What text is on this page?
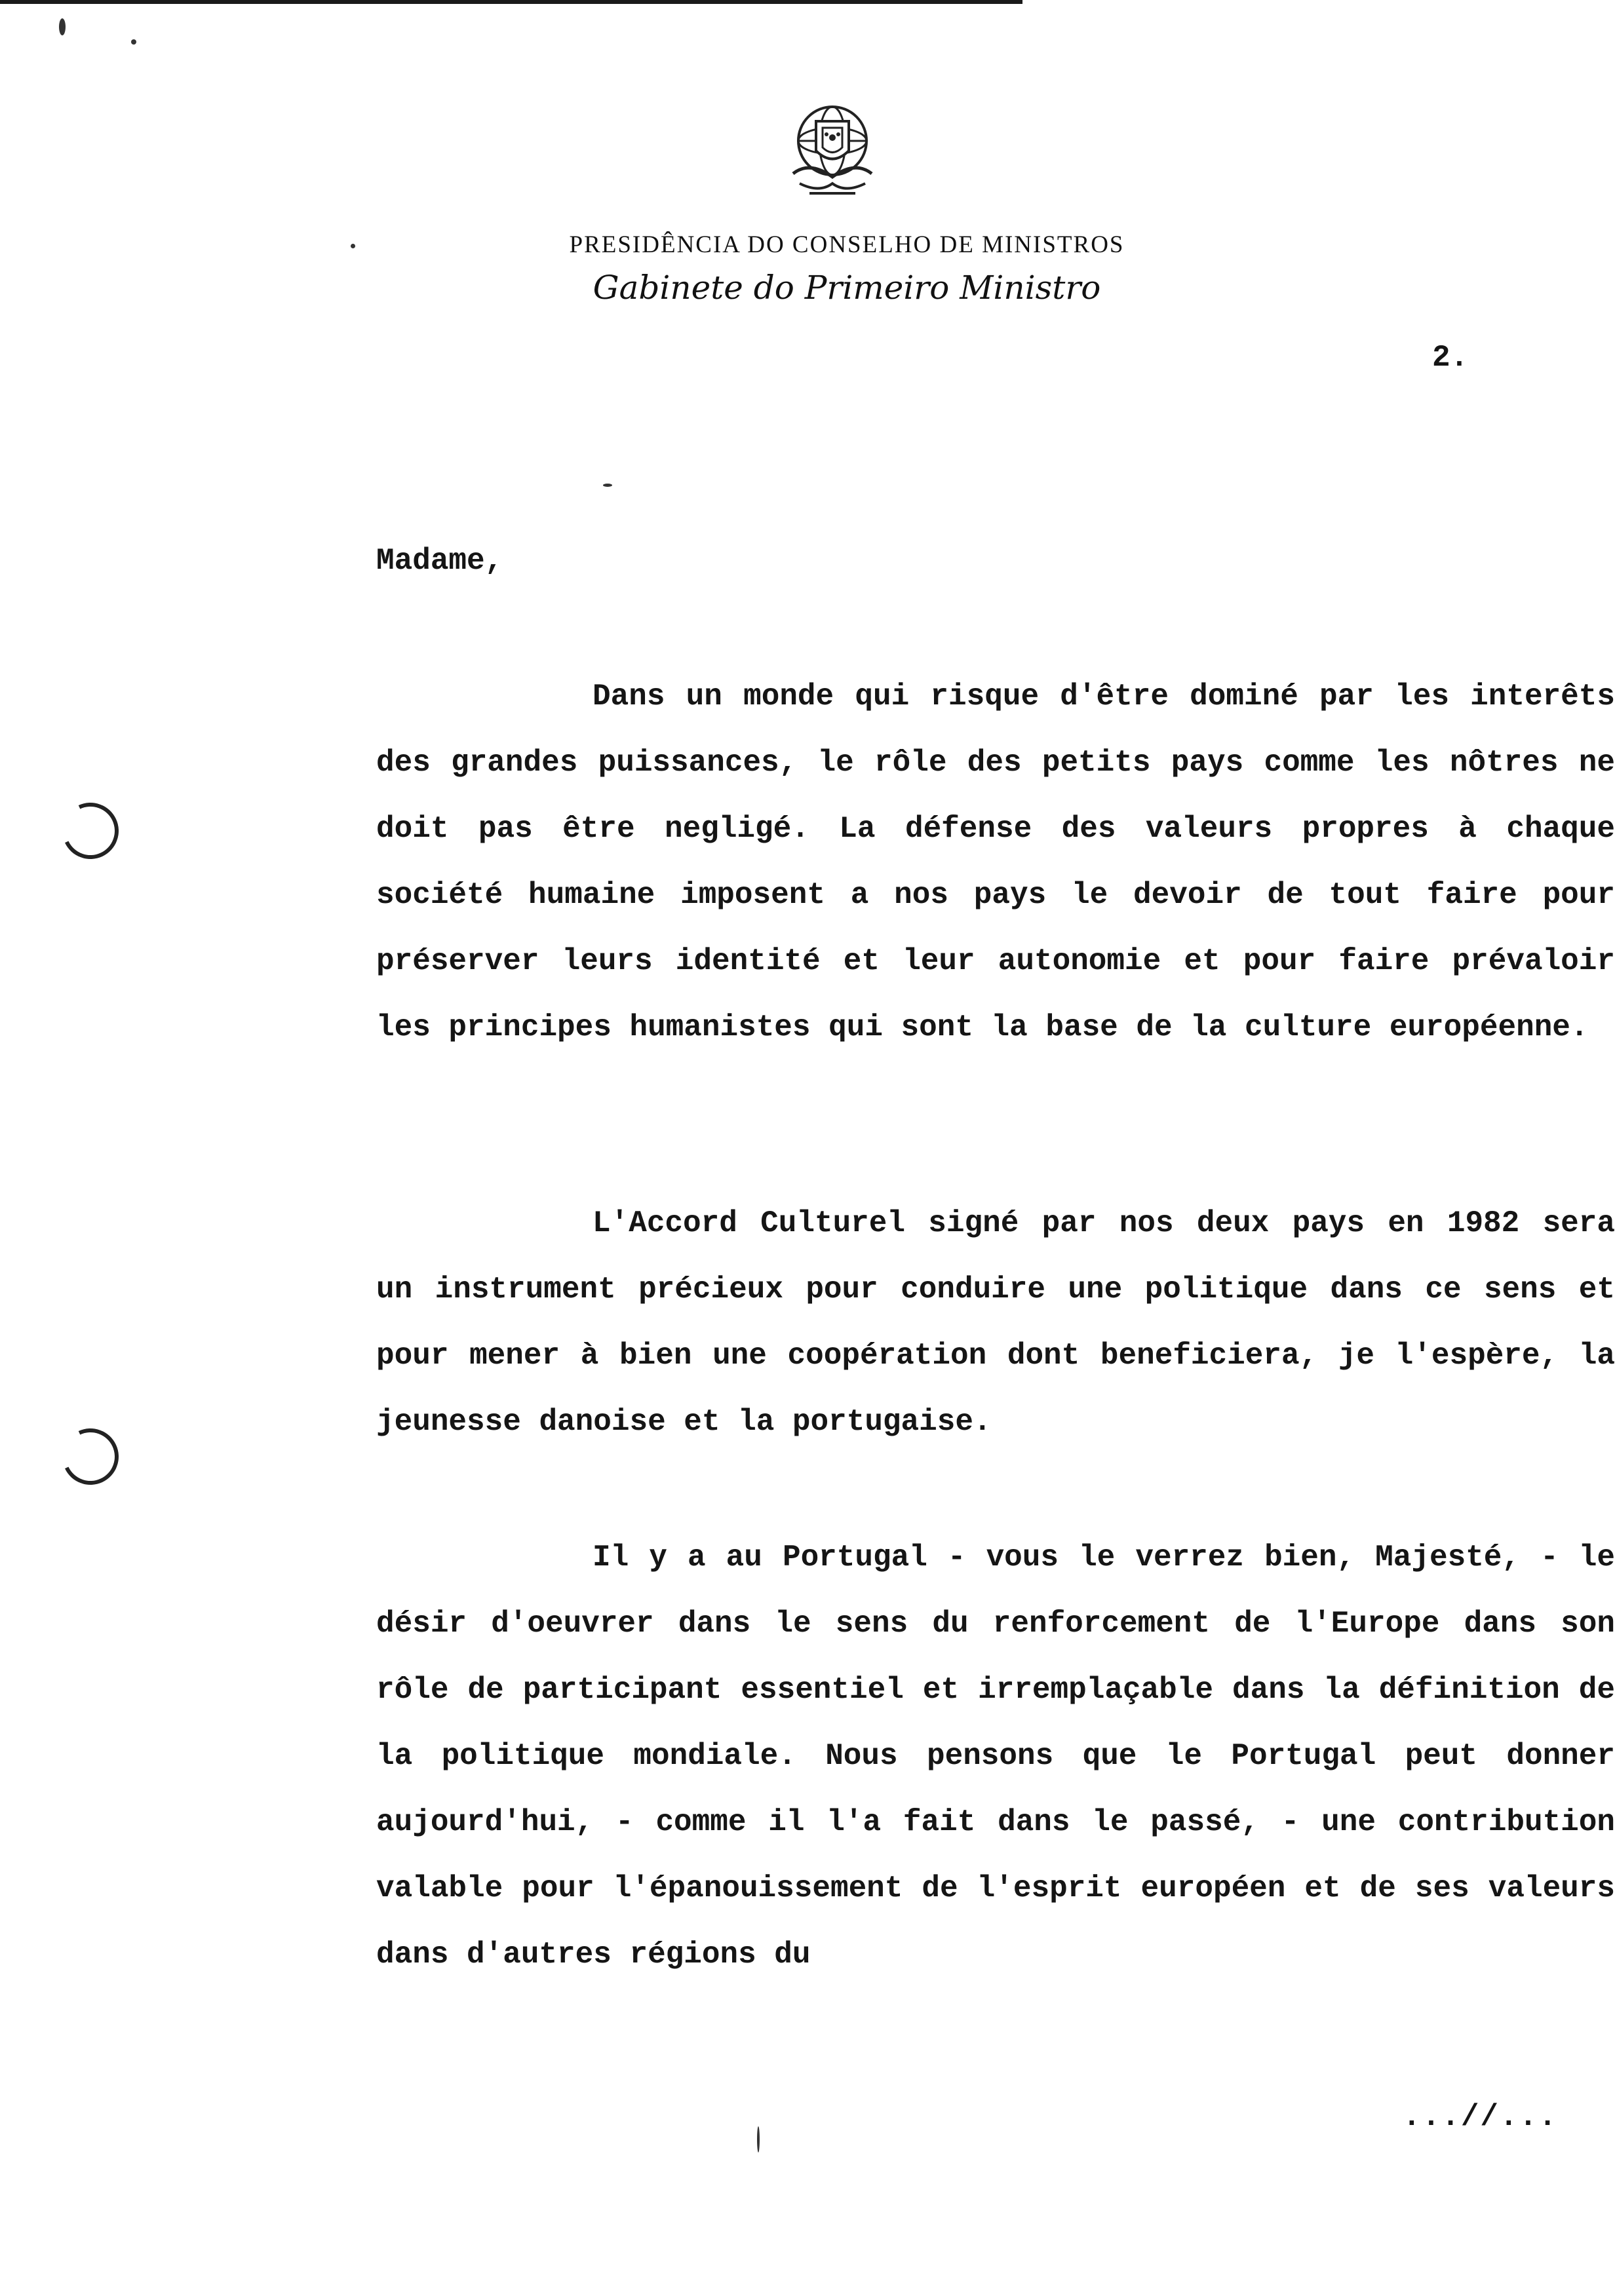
PRESIDÊNCIA DO CONSELHO DE MINISTROS
Gabinete do Primeiro Ministro
2.
Madame,
Dans un monde qui risque d'être dominé par les interêts des grandes puissances, le rôle des petits pays comme les nôtres ne doit pas être negligé. La défense des valeurs propres à chaque société humaine imposent a nos pays le devoir de tout faire pour préserver leurs identité et leur autonomie et pour faire prévaloir les principes humanistes qui sont la base de la culture européenne.
L'Accord Culturel signé par nos deux pays en 1982 sera un instrument précieux pour conduire une politique dans ce sens et pour mener à bien une coopération dont beneficiera, je l'espère, la jeunesse danoise et la portugaise.
Il y a au Portugal - vous le verrez bien, Majesté, - le désir d'oeuvrer dans le sens du renforcement de l'Europe dans son rôle de participant essentiel et irremplaçable dans la définition de la politique mondiale. Nous pensons que le Portugal peut donner aujourd'hui, - comme il l'a fait dans le passé, - une contribution valable pour l'épanouissement de l'esprit européen et de ses valeurs dans d'autres régions du
...//...
